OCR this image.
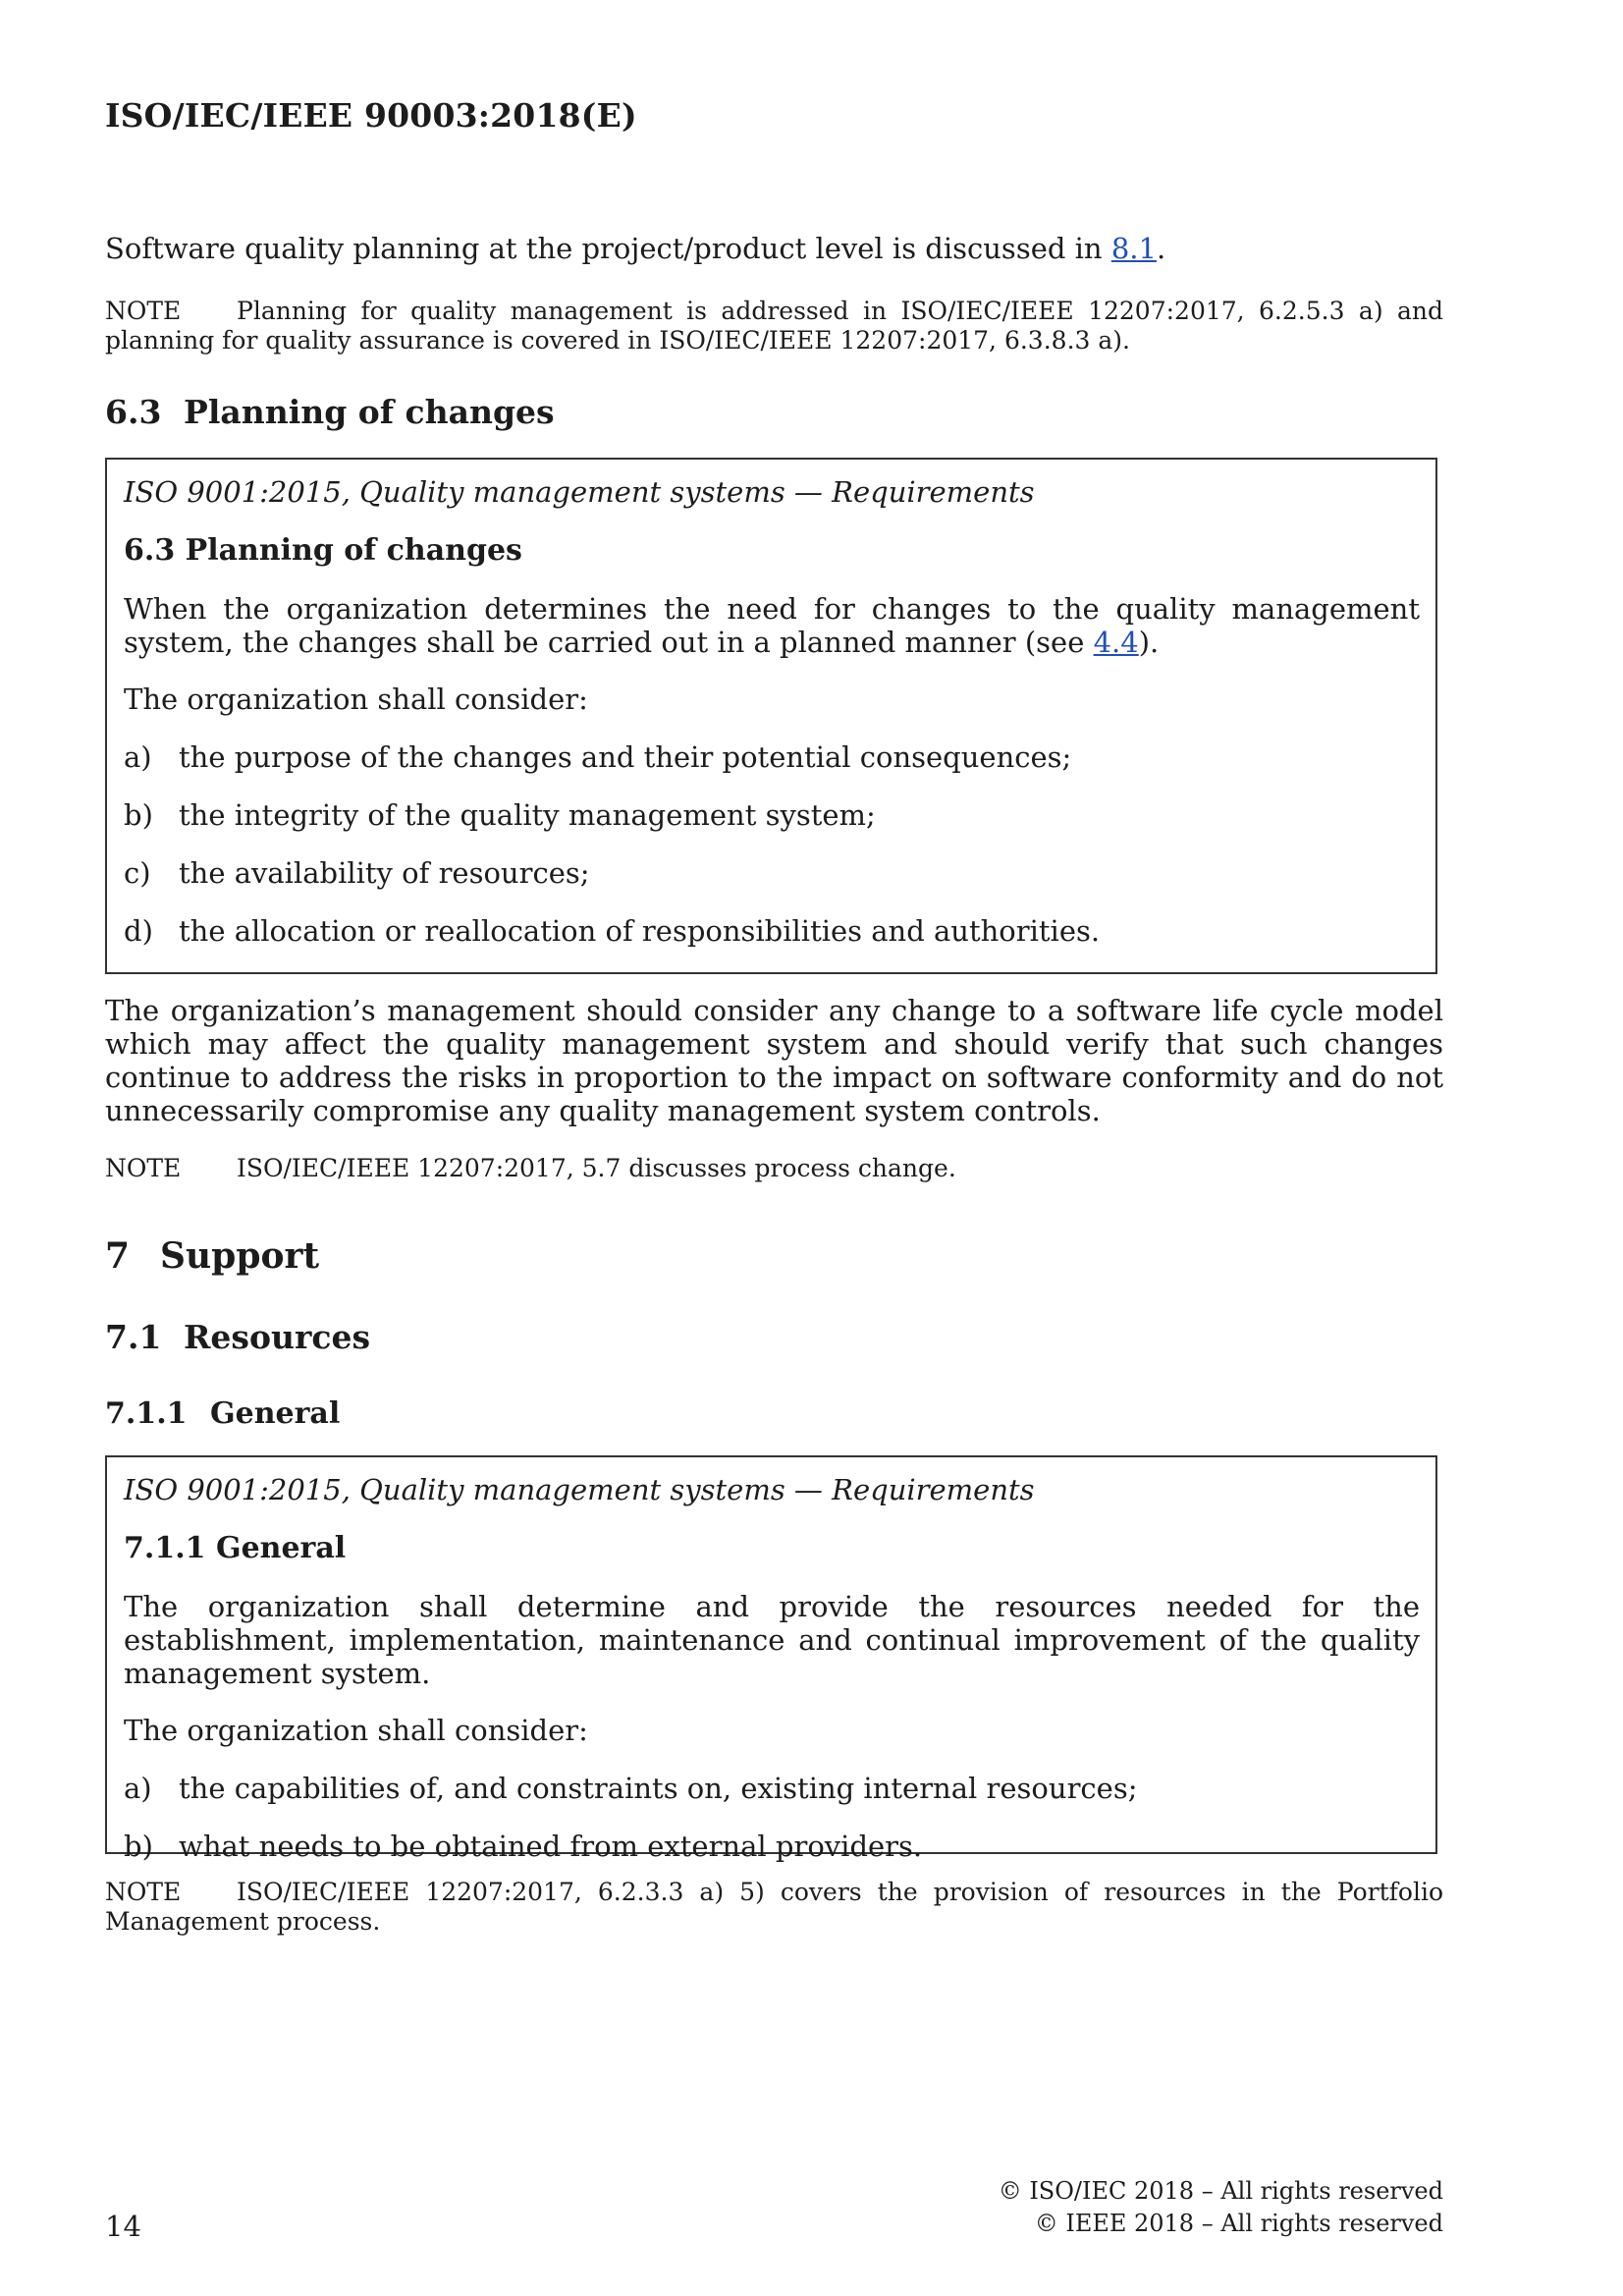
ISO/IEC/IEEE 90003:2018(E)

Software quality planning at the project/product level is discussed in 8.1.

NOTE Planning for quality management is addressed in ISO/IEC/IEEE 12207:2017, 6.2.5.3 a) and planning for quality assurance is covered in ISO/IEC/IEEE 12207:2017, 6.3.8.3 a).

6.3 Planning of changes

ISO 9001:2015, Quality management systems — Requirements

6.3 Planning of changes

When the organization determines the need for changes to the quality management system, the changes shall be carried out in a planned manner (see 4.4).

The organization shall consider:

a) the purpose of the changes and their potential consequences;

b) the integrity of the quality management system;

c) the availability of resources;

d) the allocation or reallocation of responsibilities and authorities.

The organization’s management should consider any change to a software life cycle model which may affect the quality management system and should verify that such changes continue to address the risks in proportion to the impact on software conformity and do not unnecessarily compromise any quality management system controls.

NOTE ISO/IEC/IEEE 12207:2017, 5.7 discusses process change.

7 Support
7.1 Resources
7.1.1 General

ISO 9001:2015, Quality management systems — Requirements

7.1.1 General

The organization shall determine and provide the resources needed for the establishment, implementation, maintenance and continual improvement of the quality management system.

The organization shall consider:

a) the capabilities of, and constraints on, existing internal resources;

b) what needs to be obtained from external providers.

NOTE ISO/IEC/IEEE 12207:2017, 6.2.3.3 a) 5) covers the provision of resources in the Portfolio Management process.

14
© ISO/IEC 2018 – All rights reserved
© IEEE 2018 – All rights reserved
